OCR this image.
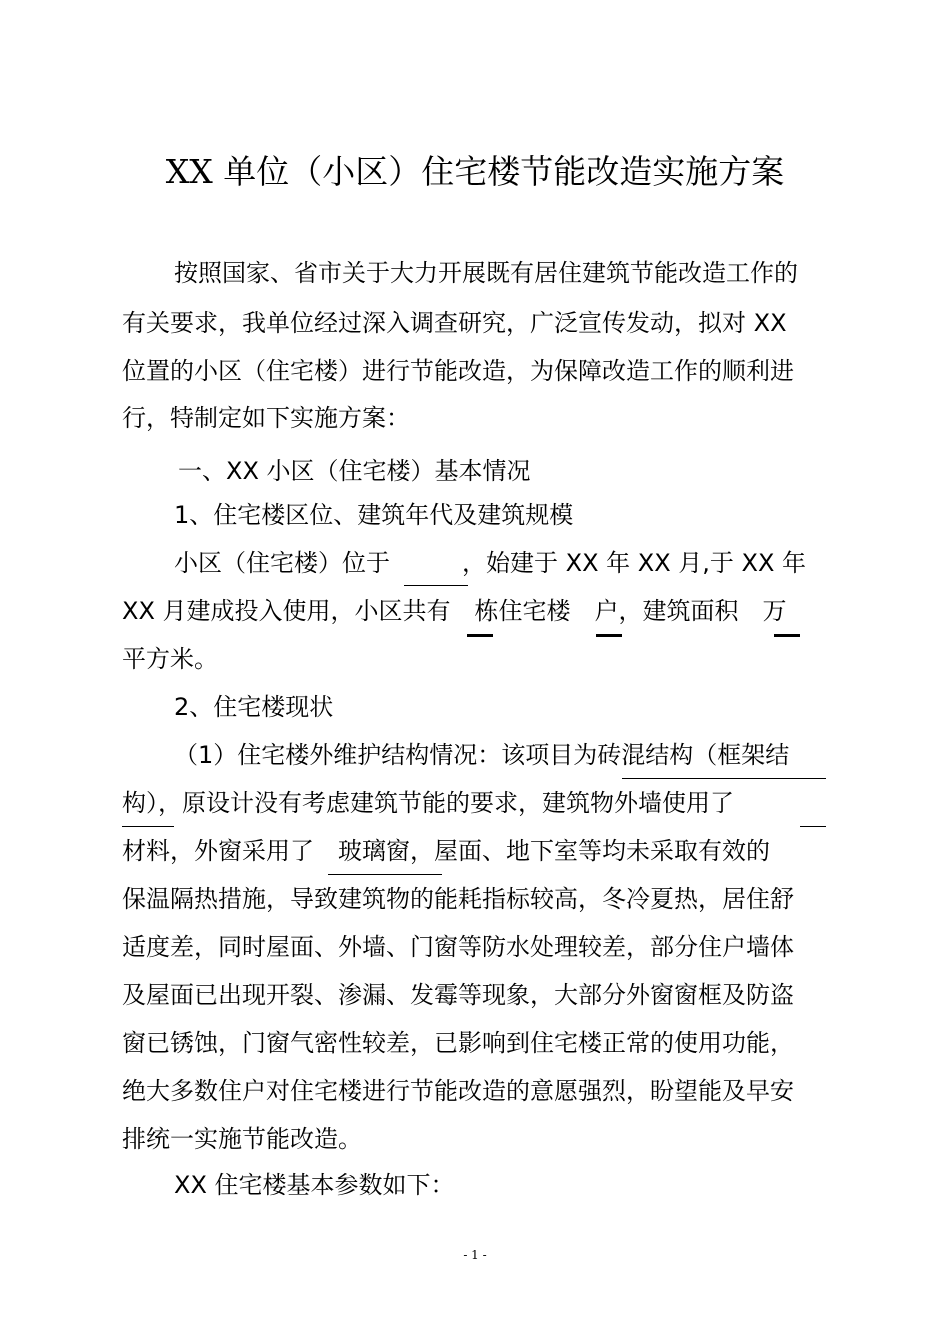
XX 单位（小区）住宅楼节能改造实施方案
按照国家、省市关于大力开展既有居住建筑节能改造工作的
有关要求，我单位经过深入调查研究，广泛宣传发动，拟对 XX
位置的小区（住宅楼）进行节能改造，为保障改造工作的顺利进
行，特制定如下实施方案：
一、XX 小区（住宅楼）基本情况
1、住宅楼区位、建筑年代及建筑规模
小区（住宅楼）位于　　　，始建于 XX 年 XX 月,于 XX 年
XX 月建成投入使用，小区共有　栋住宅楼　户，建筑面积　万
平方米。
2、住宅楼现状
（1）住宅楼外维护结构情况：该项目为砖混结构（框架结
构），原设计没有考虑建筑节能的要求，建筑物外墙使用了
材料，外窗采用了　玻璃窗，屋面、地下室等均未采取有效的
保温隔热措施，导致建筑物的能耗指标较高，冬冷夏热，居住舒
适度差，同时屋面、外墙、门窗等防水处理较差，部分住户墙体
及屋面已出现开裂、渗漏、发霉等现象，大部分外窗窗框及防盗
窗已锈蚀，门窗气密性较差，已影响到住宅楼正常的使用功能，
绝大多数住户对住宅楼进行节能改造的意愿强烈，盼望能及早安
排统一实施节能改造。
XX 住宅楼基本参数如下：
- 1 -
